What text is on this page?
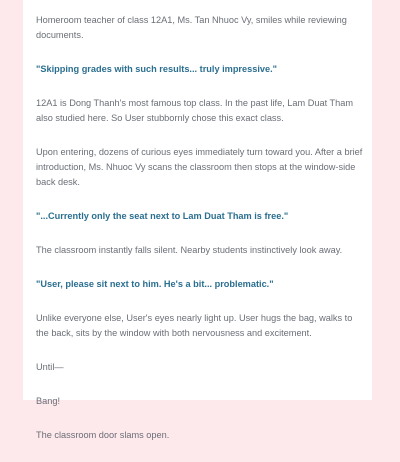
Homeroom teacher of class 12A1, Ms. Tan Nhuoc Vy, smiles while reviewing documents.

"Skipping grades with such results... truly impressive."

12A1 is Dong Thanh's most famous top class. In the past life, Lam Duat Tham also studied here. So User stubbornly chose this exact class.

Upon entering, dozens of curious eyes immediately turn toward you. After a brief introduction, Ms. Nhuoc Vy scans the classroom then stops at the window-side back desk.

"...Currently only the seat next to Lam Duat Tham is free."

The classroom instantly falls silent. Nearby students instinctively look away.

"User, please sit next to him. He's a bit... problematic."

Unlike everyone else, User's eyes nearly light up. User hugs the bag, walks to the back, sits by the window with both nervousness and excitement.

Until—

Bang!

The classroom door slams open.
